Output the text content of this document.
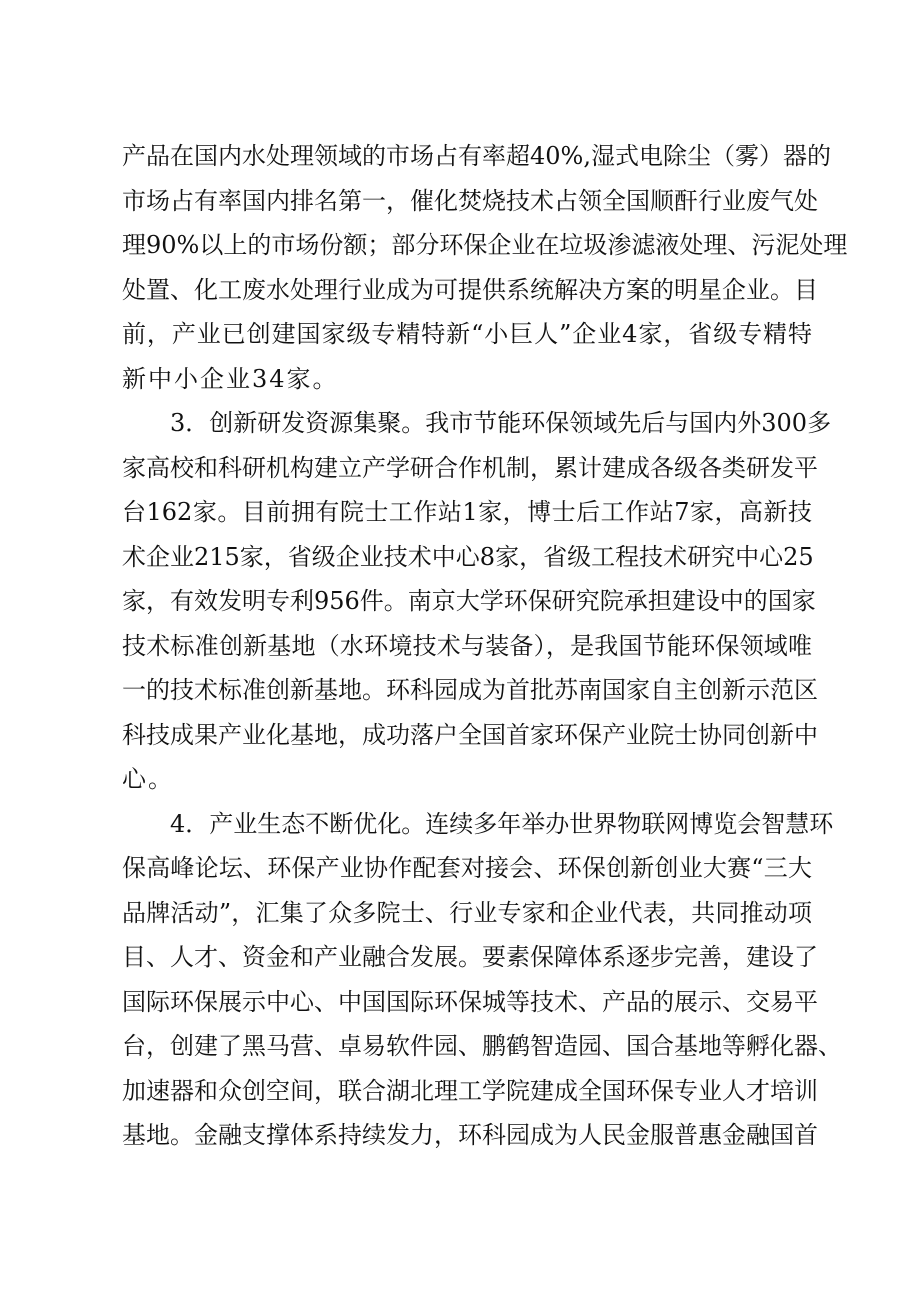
产品在国内水处理领域的市场占有率超40%,湿式电除尘（雾）器的
市场占有率国内排名第一，催化焚烧技术占领全国顺酐行业废气处
理90%以上的市场份额；部分环保企业在垃圾渗滤液处理、污泥处理
处置、化工废水处理行业成为可提供系统解决方案的明星企业。目
前，产业已创建国家级专精特新“小巨人”企业4家，省级专精特
新中小企业34家。
3．创新研发资源集聚。我市节能环保领域先后与国内外300多
家高校和科研机构建立产学研合作机制，累计建成各级各类研发平
台162家。目前拥有院士工作站1家，博士后工作站7家，高新技
术企业215家，省级企业技术中心8家，省级工程技术研究中心25
家，有效发明专利956件。南京大学环保研究院承担建设中的国家
技术标准创新基地（水环境技术与装备），是我国节能环保领域唯
一的技术标准创新基地。环科园成为首批苏南国家自主创新示范区
科技成果产业化基地，成功落户全国首家环保产业院士协同创新中
心。
4．产业生态不断优化。连续多年举办世界物联网博览会智慧环
保高峰论坛、环保产业协作配套对接会、环保创新创业大赛“三大
品牌活动”，汇集了众多院士、行业专家和企业代表，共同推动项
目、人才、资金和产业融合发展。要素保障体系逐步完善，建设了
国际环保展示中心、中国国际环保城等技术、产品的展示、交易平
台，创建了黑马营、卓易软件园、鹏鹤智造园、国合基地等孵化器、
加速器和众创空间，联合湖北理工学院建成全国环保专业人才培训
基地。金融支撑体系持续发力，环科园成为人民金服普惠金融国首
